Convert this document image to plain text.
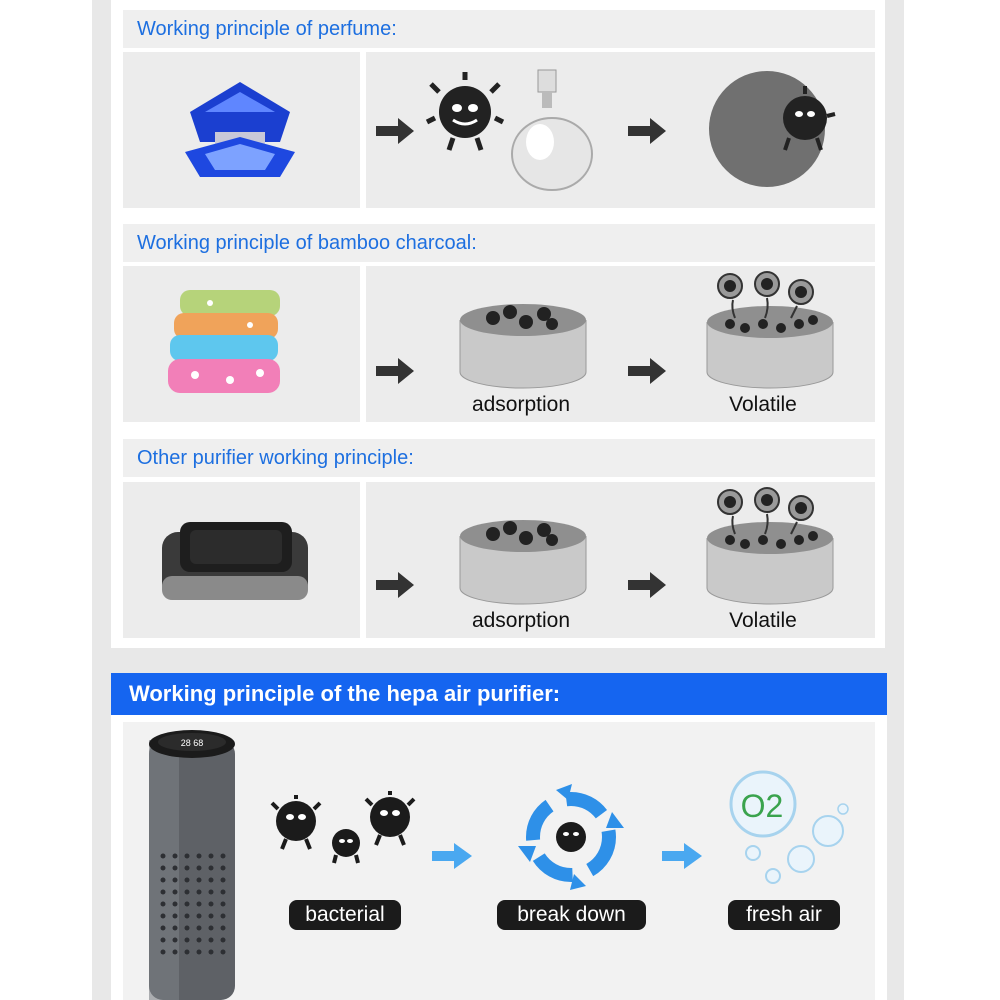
Working principle of perfume:
Working principle of bamboo charcoal:
adsorption	Volatile
Other purifier working principle:
adsorption	Volatile
Working principle of the hepa air purifier:
28 68
O2
bacterial	break down	fresh air
